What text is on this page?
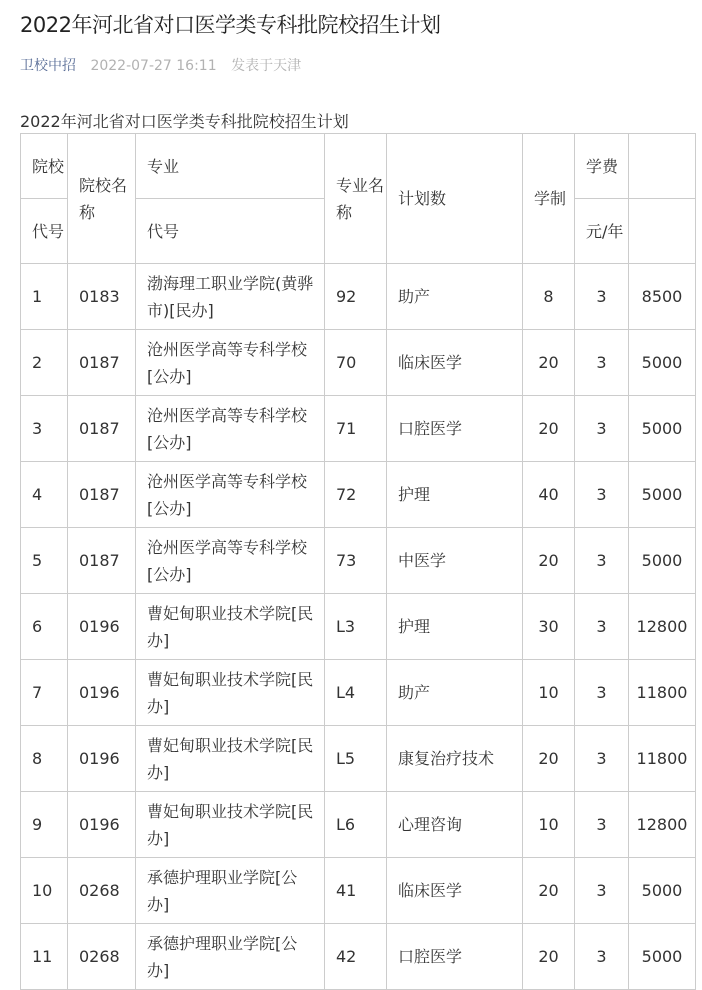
2022年河北省对口医学类专科批院校招生计划
卫校中招 2022-07-27 16:11 发表于天津
2022年河北省对口医学类专科批院校招生计划
院校	院校名称	专业	专业名称	计划数	学制	学费	
代号		代号				元/年	
1	0183	渤海理工职业学院(黄骅市)[民办]	92	助产	8	3	8500
2	0187	沧州医学高等专科学校[公办]	70	临床医学	20	3	5000
3	0187	沧州医学高等专科学校[公办]	71	口腔医学	20	3	5000
4	0187	沧州医学高等专科学校[公办]	72	护理	40	3	5000
5	0187	沧州医学高等专科学校[公办]	73	中医学	20	3	5000
6	0196	曹妃甸职业技术学院[民办]	L3	护理	30	3	12800
7	0196	曹妃甸职业技术学院[民办]	L4	助产	10	3	11800
8	0196	曹妃甸职业技术学院[民办]	L5	康复治疗技术	20	3	11800
9	0196	曹妃甸职业技术学院[民办]	L6	心理咨询	10	3	12800
10	0268	承德护理职业学院[公办]	41	临床医学	20	3	5000
11	0268	承德护理职业学院[公办]	42	口腔医学	20	3	5000
